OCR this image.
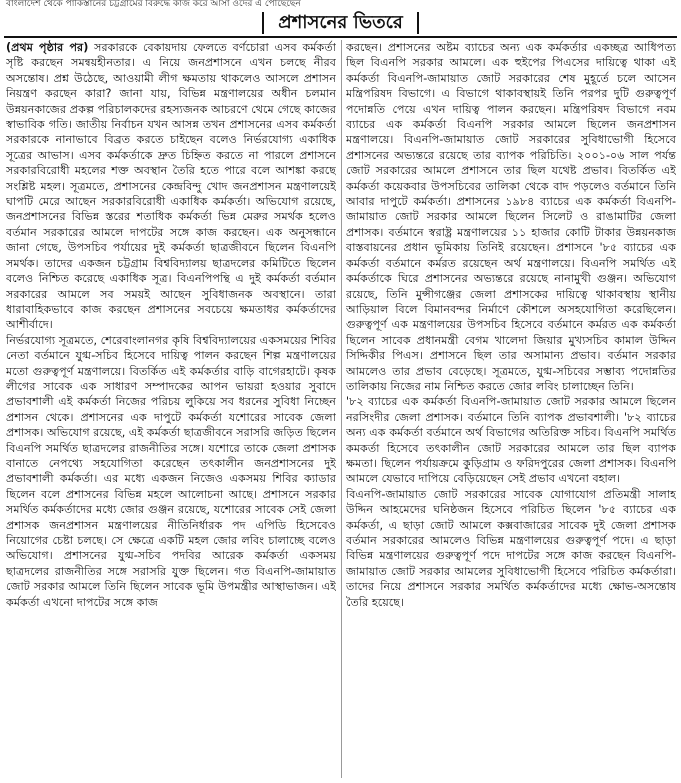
বাংলাদেশ থেকে পাকিস্তানের চট্টগ্রামের বিরুদ্ধে কাজ করে আসা ওদের এ পৌছেছেন
প্রশাসনের ভিতরে

(প্রথম পৃষ্ঠার পর) সরকারকে বেকায়দায় ফেলতে বর্ণচোরা এসব কর্মকর্তা সৃষ্টি করছেন সমন্বয়হীনতার। এ নিয়ে জনপ্রশাসনে এখন চলছে নীরব অসন্তোষ। প্রশ্ন উঠেছে, আওয়ামী লীগ ক্ষমতায় থাকলেও আসলে প্রশাসন নিয়ন্ত্রণ করছেন কারা? জানা যায়, বিভিন্ন মন্ত্রণালয়ের অধীন চলমান উন্নয়নকাজের প্রকল্প পরিচালকদের রহস্যজনক আচরণে থেমে গেছে কাজের স্বাভাবিক গতি। জাতীয় নির্বাচন যখন আসন্ন তখন প্রশাসনের এসব কর্মকর্তা সরকারকে নানাভাবে বিব্রত করতে চাইছেন বলেও নির্ভরযোগ্য একাধিক সূত্রের আভাস। এসব কর্মকর্তাকে দ্রুত চিহ্নিত করতে না পারলে প্রশাসনে সরকারবিরোধী মহলের শক্ত অবস্থান তৈরি হতে পারে বলে আশঙ্কা করছে সংশ্লিষ্ট মহল। সূত্রমতে, প্রশাসনের কেন্দ্রবিন্দু খোদ জনপ্রশাসন মন্ত্রণালয়েই ঘাপটি মেরে আছেন সরকারবিরোধী একাধিক কর্মকর্তা। অভিযোগ রয়েছে, জনপ্রশাসনের বিভিন্ন স্তরের শতাধিক কর্মকর্তা ভিন্ন মেরুর সমর্থক হলেও বর্তমান সরকারের আমলে দাপটের সঙ্গে কাজ করছেন। এক অনুসন্ধানে জানা গেছে, উপসচিব পর্যায়ের দুই কর্মকর্তা ছাত্রজীবনে ছিলেন বিএনপি সমর্থক। তাদের একজন চট্টগ্রাম বিশ্ববিদ্যালয় ছাত্রদলের কমিটিতে ছিলেন বলেও নিশ্চিত করেছে একাধিক সূত্র। বিএনপিপন্থি এ দুই কর্মকর্তা বর্তমান সরকারের আমলে সব সময়ই আছেন সুবিধাজনক অবস্থানে। তারা ধারাবাহিকভাবে কাজ করছেন প্রশাসনের সবচেয়ে ক্ষমতাধর কর্মকর্তাদের আশীর্বাদে।

নির্ভরযোগ্য সূত্রমতে, শেরেবাংলানগর কৃষি বিশ্ববিদ্যালয়ের একসময়ের শিবির নেতা বর্তমানে যুগ্ম-সচিব হিসেবে দায়িত্ব পালন করছেন শিল্প মন্ত্রণালয়ের মতো গুরুত্বপূর্ণ মন্ত্রণালয়ে। বিতর্কিত এই কর্মকর্তার বাড়ি বাগেরহাটে। কৃষক লীগের সাবেক এক সাধারণ সম্পাদকের আপন ভায়রা হওয়ার সুবাদে প্রভাবশালী এই কর্মকর্তা নিজের পরিচয় লুকিয়ে সব ধরনের সুবিধা নিচ্ছেন প্রশাসন থেকে। প্রশাসনের এক দাপুটে কর্মকর্তা যশোরের সাবেক জেলা প্রশাসক। অভিযোগ রয়েছে, এই কর্মকর্তা ছাত্রজীবনে সরাসরি জড়িত ছিলেন বিএনপি সমর্থিত ছাত্রদলের রাজনীতির সঙ্গে। যশোরে তাকে জেলা প্রশাসক বানাতে নেপথ্যে সহযোগিতা করেছেন তৎকালীন জনপ্রশাসনের দুই প্রভাবশালী কর্মকর্তা। এর মধ্যে একজন নিজেও একসময় শিবির ক্যাডার ছিলেন বলে প্রশাসনের বিভিন্ন মহলে আলোচনা আছে। প্রশাসনে সরকার সমর্থিত কর্মকর্তাদের মধ্যে জোর গুঞ্জন রয়েছে, যশোরের সাবেক সেই জেলা প্রশাসক জনপ্রশাসন মন্ত্রণালয়ের নীতিনির্ধারক পদ এপিডি হিসেবেও নিয়োগের চেষ্টা চলছে। সে ক্ষেত্রে একটি মহল জোর লবিং চালাচ্ছে বলেও অভিযোগ। প্রশাসনের যুগ্ম-সচিব পদবির আরেক কর্মকর্তা একসময় ছাত্রদলের রাজনীতির সঙ্গে সরাসরি যুক্ত ছিলেন। গত বিএনপি-জামায়াত জোট সরকার আমলে তিনি ছিলেন সাবেক ভূমি উপমন্ত্রীর আস্থাভাজন। এই কর্মকর্তা এখনো দাপটের সঙ্গে কাজ

করছেন। প্রশাসনের অষ্টম ব্যাচের অন্য এক কর্মকর্তার একচ্ছত্র আধিপত্য ছিল বিএনপি সরকার আমলে। এক হুইপের পিএসের দায়িত্বে থাকা এই কর্মকর্তা বিএনপি-জামায়াত জোট সরকারের শেষ মুহূর্তে চলে আসেন মন্ত্রিপরিষদ বিভাগে। এ বিভাগে থাকাবস্থায়ই তিনি পরপর দুটি গুরুত্বপূর্ণ পদোন্নতি পেয়ে এখন দায়িত্ব পালন করছেন। মন্ত্রিপরিষদ বিভাগে নবম ব্যাচের এক কর্মকর্তা বিএনপি সরকার আমলে ছিলেন জনপ্রশাসন মন্ত্রণালয়ে। বিএনপি-জামায়াত জোট সরকারের সুবিধাভোগী হিসেবে প্রশাসনের অভ্যন্তরে রয়েছে তার ব্যাপক পরিচিতি। ২০০১-০৬ সাল পর্যন্ত জোট সরকারের আমলে প্রশাসনে তার ছিল যথেষ্ট প্রভাব। বিতর্কিত এই কর্মকর্তা কয়েকবার উপসচিবের তালিকা থেকে বাদ পড়লেও বর্তমানে তিনি আবার দাপুটে কর্মকর্তা। প্রশাসনের ১৯৮৪ ব্যাচের এক কর্মকর্তা বিএনপি-জামায়াত জোট সরকার আমলে ছিলেন সিলেট ও রাঙামাটির জেলা প্রশাসক। বর্তমানে স্বরাষ্ট্র মন্ত্রণালয়ের ১১ হাজার কোটি টাকার উন্নয়নকাজ বাস্তবায়নের প্রধান ভূমিকায় তিনিই রয়েছেন। প্রশাসনে '৮৫ ব্যাচের এক কর্মকর্তা বর্তমানে কর্মরত রয়েছেন অর্থ মন্ত্রণালয়ে। বিএনপি সমর্থিত এই কর্মকর্তাকে ঘিরে প্রশাসনের অভ্যন্তরে রয়েছে নানামুখী গুঞ্জন। অভিযোগ রয়েছে, তিনি মুন্সীগঞ্জের জেলা প্রশাসকের দায়িত্বে থাকাবস্থায় স্থানীয় আড়িয়াল বিলে বিমানবন্দর নির্মাণে কৌশলে অসহযোগিতা করেছিলেন। গুরুত্বপূর্ণ এক মন্ত্রণালয়ের উপসচিব হিসেবে বর্তমানে কর্মরত এক কর্মকর্তা ছিলেন সাবেক প্রধানমন্ত্রী বেগম খালেদা জিয়ার মুখ্যসচিব কামাল উদ্দিন সিদ্দিকীর পিএস। প্রশাসনে ছিল তার অসামান্য প্রভাব। বর্তমান সরকার আমলেও তার প্রভাব বেড়েছে। সূত্রমতে, যুগ্ম-সচিবের সম্ভাব্য পদোন্নতির তালিকায় নিজের নাম নিশ্চিত করতে জোর লবিং চালাচ্ছেন তিনি।

'৮২ ব্যাচের এক কর্মকর্তা বিএনপি-জামায়াত জোট সরকার আমলে ছিলেন নরসিংদীর জেলা প্রশাসক। বর্তমানে তিনি ব্যাপক প্রভাবশালী। '৮২ ব্যাচের অন্য এক কর্মকর্তা বর্তমানে অর্থ বিভাগের অতিরিক্ত সচিব। বিএনপি সমর্থিত কমকর্তা হিসেবে তৎকালীন জোট সরকারের আমলে তার ছিল ব্যাপক ক্ষমতা। ছিলেন পর্যায়ক্রমে কুড়িগ্রাম ও ফরিদপুরের জেলা প্রশাসক। বিএনপি আমলে যেভাবে দাপিয়ে বেড়িয়েছেন সেই প্রভাব এখনো বহাল।

বিএনপি-জামায়াত জোট সরকারের সাবেক যোগাযোগ প্রতিমন্ত্রী সালাহ উদ্দিন আহমেদের ঘনিষ্ঠজন হিসেবে পরিচিত ছিলেন '৮৫ ব্যাচের এক কর্মকর্তা, এ ছাড়া জোট আমলে কক্সবাজারের সাবেক দুই জেলা প্রশাসক বর্তমান সরকারের আমলেও বিভিন্ন মন্ত্রণালয়ের গুরুত্বপূর্ণ পদে। এ ছাড়া বিভিন্ন মন্ত্রণালয়ের গুরুত্বপূর্ণ পদে দাপটের সঙ্গে কাজ করছেন বিএনপি-জামায়াত জোট সরকার আমলের সুবিধাভোগী হিসেবে পরিচিত কর্মকর্তারা। তাদের নিয়ে প্রশাসনে সরকার সমর্থিত কর্মকর্তাদের মধ্যে ক্ষোভ-অসন্তোষ তৈরি হয়েছে।
